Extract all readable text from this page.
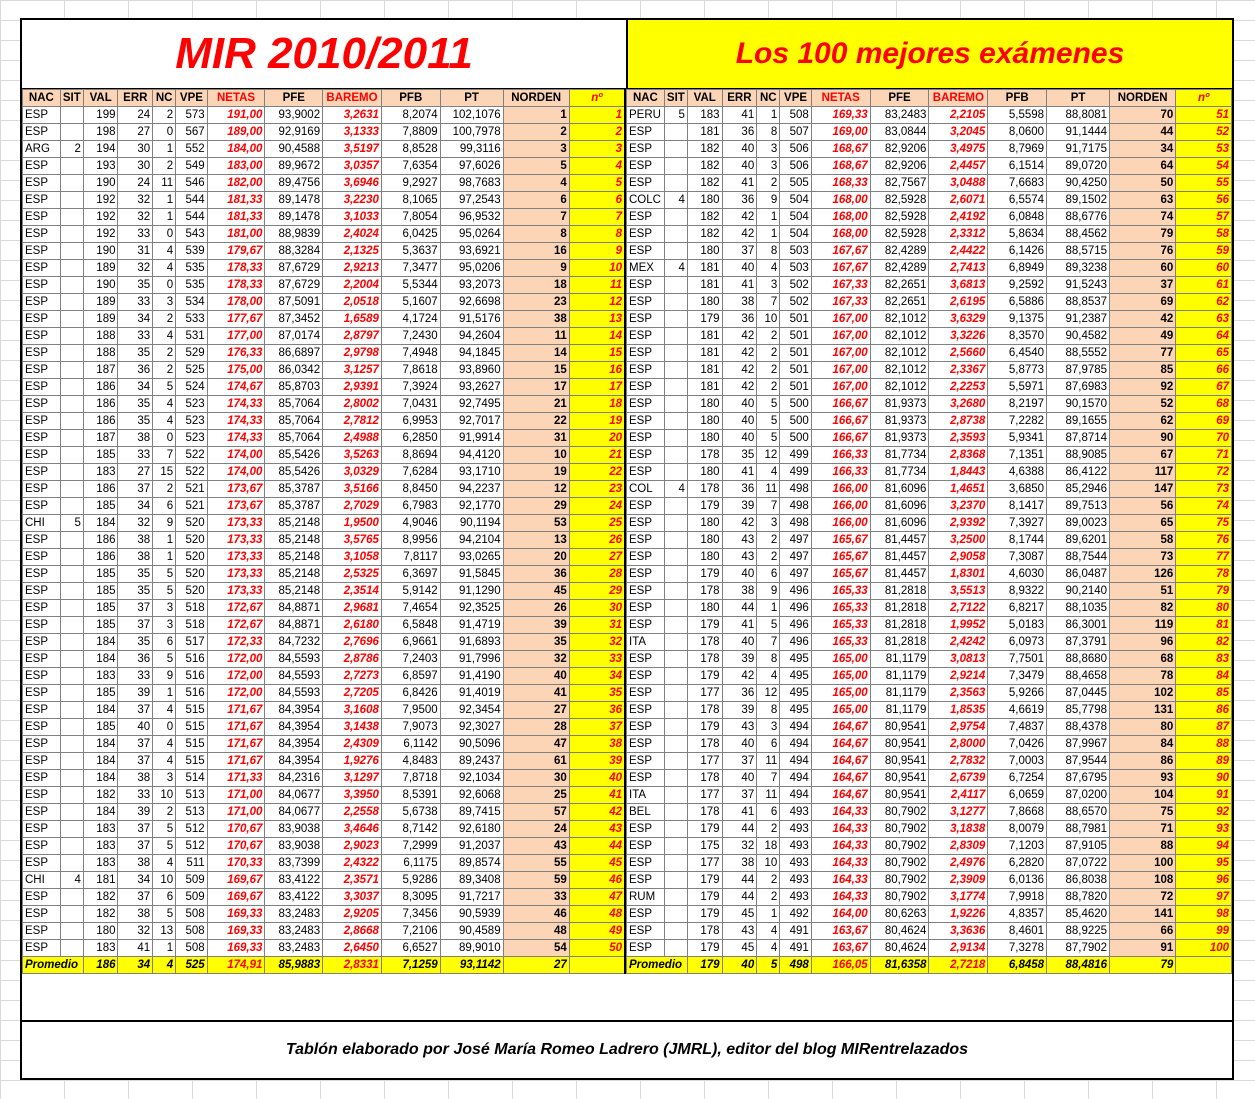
MIR 2010/2011	Los 100 mejores exámenes
NAC	SIT	VAL	ERR	NC	VPE	NETAS	PFE	BAREMO	PFB	PT	NORDEN	nº
ESP		199	24	2	573	191,00	93,9002	3,2631	8,2074	102,1076	1	1
ESP		198	27	0	567	189,00	92,9169	3,1333	7,8809	100,7978	2	2
ARG	2	194	30	1	552	184,00	90,4588	3,5197	8,8528	99,3116	3	3
ESP		193	30	2	549	183,00	89,9672	3,0357	7,6354	97,6026	5	4
ESP		190	24	11	546	182,00	89,4756	3,6946	9,2927	98,7683	4	5
ESP		192	32	1	544	181,33	89,1478	3,2230	8,1065	97,2543	6	6
ESP		192	32	1	544	181,33	89,1478	3,1033	7,8054	96,9532	7	7
ESP		192	33	0	543	181,00	88,9839	2,4024	6,0425	95,0264	8	8
ESP		190	31	4	539	179,67	88,3284	2,1325	5,3637	93,6921	16	9
ESP		189	32	4	535	178,33	87,6729	2,9213	7,3477	95,0206	9	10
ESP		190	35	0	535	178,33	87,6729	2,2004	5,5344	93,2073	18	11
ESP		189	33	3	534	178,00	87,5091	2,0518	5,1607	92,6698	23	12
ESP		189	34	2	533	177,67	87,3452	1,6589	4,1724	91,5176	38	13
ESP		188	33	4	531	177,00	87,0174	2,8797	7,2430	94,2604	11	14
ESP		188	35	2	529	176,33	86,6897	2,9798	7,4948	94,1845	14	15
ESP		187	36	2	525	175,00	86,0342	3,1257	7,8618	93,8960	15	16
ESP		186	34	5	524	174,67	85,8703	2,9391	7,3924	93,2627	17	17
ESP		186	35	4	523	174,33	85,7064	2,8002	7,0431	92,7495	21	18
ESP		186	35	4	523	174,33	85,7064	2,7812	6,9953	92,7017	22	19
ESP		187	38	0	523	174,33	85,7064	2,4988	6,2850	91,9914	31	20
ESP		185	33	7	522	174,00	85,5426	3,5263	8,8694	94,4120	10	21
ESP		183	27	15	522	174,00	85,5426	3,0329	7,6284	93,1710	19	22
ESP		186	37	2	521	173,67	85,3787	3,5166	8,8450	94,2237	12	23
ESP		185	34	6	521	173,67	85,3787	2,7029	6,7983	92,1770	29	24
CHI	5	184	32	9	520	173,33	85,2148	1,9500	4,9046	90,1194	53	25
ESP		186	38	1	520	173,33	85,2148	3,5765	8,9956	94,2104	13	26
ESP		186	38	1	520	173,33	85,2148	3,1058	7,8117	93,0265	20	27
ESP		185	35	5	520	173,33	85,2148	2,5325	6,3697	91,5845	36	28
ESP		185	35	5	520	173,33	85,2148	2,3514	5,9142	91,1290	45	29
ESP		185	37	3	518	172,67	84,8871	2,9681	7,4654	92,3525	26	30
ESP		185	37	3	518	172,67	84,8871	2,6180	6,5848	91,4719	39	31
ESP		184	35	6	517	172,33	84,7232	2,7696	6,9661	91,6893	35	32
ESP		184	36	5	516	172,00	84,5593	2,8786	7,2403	91,7996	32	33
ESP		183	33	9	516	172,00	84,5593	2,7273	6,8597	91,4190	40	34
ESP		185	39	1	516	172,00	84,5593	2,7205	6,8426	91,4019	41	35
ESP		184	37	4	515	171,67	84,3954	3,1608	7,9500	92,3454	27	36
ESP		185	40	0	515	171,67	84,3954	3,1438	7,9073	92,3027	28	37
ESP		184	37	4	515	171,67	84,3954	2,4309	6,1142	90,5096	47	38
ESP		184	37	4	515	171,67	84,3954	1,9276	4,8483	89,2437	61	39
ESP		184	38	3	514	171,33	84,2316	3,1297	7,8718	92,1034	30	40
ESP		182	33	10	513	171,00	84,0677	3,3950	8,5391	92,6068	25	41
ESP		184	39	2	513	171,00	84,0677	2,2558	5,6738	89,7415	57	42
ESP		183	37	5	512	170,67	83,9038	3,4646	8,7142	92,6180	24	43
ESP		183	37	5	512	170,67	83,9038	2,9023	7,2999	91,2037	43	44
ESP		183	38	4	511	170,33	83,7399	2,4322	6,1175	89,8574	55	45
CHI	4	181	34	10	509	169,67	83,4122	2,3571	5,9286	89,3408	59	46
ESP		182	37	6	509	169,67	83,4122	3,3037	8,3095	91,7217	33	47
ESP		182	38	5	508	169,33	83,2483	2,9205	7,3456	90,5939	46	48
ESP		180	32	13	508	169,33	83,2483	2,8668	7,2106	90,4589	48	49
ESP		183	41	1	508	169,33	83,2483	2,6450	6,6527	89,9010	54	50
Promedio		186	34	4	525	174,91	85,9883	2,8331	7,1259	93,1142	27	
NAC	SIT	VAL	ERR	NC	VPE	NETAS	PFE	BAREMO	PFB	PT	NORDEN	nº
PERU	5	183	41	1	508	169,33	83,2483	2,2105	5,5598	88,8081	70	51
ESP		181	36	8	507	169,00	83,0844	3,2045	8,0600	91,1444	44	52
ESP		182	40	3	506	168,67	82,9206	3,4975	8,7969	91,7175	34	53
ESP		182	40	3	506	168,67	82,9206	2,4457	6,1514	89,0720	64	54
ESP		182	41	2	505	168,33	82,7567	3,0488	7,6683	90,4250	50	55
COLC	4	180	36	9	504	168,00	82,5928	2,6071	6,5574	89,1502	63	56
ESP		182	42	1	504	168,00	82,5928	2,4192	6,0848	88,6776	74	57
ESP		182	42	1	504	168,00	82,5928	2,3312	5,8634	88,4562	79	58
ESP		180	37	8	503	167,67	82,4289	2,4422	6,1426	88,5715	76	59
MEX	4	181	40	4	503	167,67	82,4289	2,7413	6,8949	89,3238	60	60
ESP		181	41	3	502	167,33	82,2651	3,6813	9,2592	91,5243	37	61
ESP		180	38	7	502	167,33	82,2651	2,6195	6,5886	88,8537	69	62
ESP		179	36	10	501	167,00	82,1012	3,6329	9,1375	91,2387	42	63
ESP		181	42	2	501	167,00	82,1012	3,3226	8,3570	90,4582	49	64
ESP		181	42	2	501	167,00	82,1012	2,5660	6,4540	88,5552	77	65
ESP		181	42	2	501	167,00	82,1012	2,3367	5,8773	87,9785	85	66
ESP		181	42	2	501	167,00	82,1012	2,2253	5,5971	87,6983	92	67
ESP		180	40	5	500	166,67	81,9373	3,2680	8,2197	90,1570	52	68
ESP		180	40	5	500	166,67	81,9373	2,8738	7,2282	89,1655	62	69
ESP		180	40	5	500	166,67	81,9373	2,3593	5,9341	87,8714	90	70
ESP		178	35	12	499	166,33	81,7734	2,8368	7,1351	88,9085	67	71
ESP		180	41	4	499	166,33	81,7734	1,8443	4,6388	86,4122	117	72
COL	4	178	36	11	498	166,00	81,6096	1,4651	3,6850	85,2946	147	73
ESP		179	39	7	498	166,00	81,6096	3,2370	8,1417	89,7513	56	74
ESP		180	42	3	498	166,00	81,6096	2,9392	7,3927	89,0023	65	75
ESP		180	43	2	497	165,67	81,4457	3,2500	8,1744	89,6201	58	76
ESP		180	43	2	497	165,67	81,4457	2,9058	7,3087	88,7544	73	77
ESP		179	40	6	497	165,67	81,4457	1,8301	4,6030	86,0487	126	78
ESP		178	38	9	496	165,33	81,2818	3,5513	8,9322	90,2140	51	79
ESP		180	44	1	496	165,33	81,2818	2,7122	6,8217	88,1035	82	80
ESP		179	41	5	496	165,33	81,2818	1,9952	5,0183	86,3001	119	81
ITA		178	40	7	496	165,33	81,2818	2,4242	6,0973	87,3791	96	82
ESP		178	39	8	495	165,00	81,1179	3,0813	7,7501	88,8680	68	83
ESP		179	42	4	495	165,00	81,1179	2,9214	7,3479	88,4658	78	84
ESP		177	36	12	495	165,00	81,1179	2,3563	5,9266	87,0445	102	85
ESP		178	39	8	495	165,00	81,1179	1,8535	4,6619	85,7798	131	86
ESP		179	43	3	494	164,67	80,9541	2,9754	7,4837	88,4378	80	87
ESP		178	40	6	494	164,67	80,9541	2,8000	7,0426	87,9967	84	88
ESP		177	37	11	494	164,67	80,9541	2,7832	7,0003	87,9544	86	89
ESP		178	40	7	494	164,67	80,9541	2,6739	6,7254	87,6795	93	90
ITA		177	37	11	494	164,67	80,9541	2,4117	6,0659	87,0200	104	91
BEL		178	41	6	493	164,33	80,7902	3,1277	7,8668	88,6570	75	92
ESP		179	44	2	493	164,33	80,7902	3,1838	8,0079	88,7981	71	93
ESP		175	32	18	493	164,33	80,7902	2,8309	7,1203	87,9105	88	94
ESP		177	38	10	493	164,33	80,7902	2,4976	6,2820	87,0722	100	95
ESP		179	44	2	493	164,33	80,7902	2,3909	6,0136	86,8038	108	96
RUM		179	44	2	493	164,33	80,7902	3,1774	7,9918	88,7820	72	97
ESP		179	45	1	492	164,00	80,6263	1,9226	4,8357	85,4620	141	98
ESP		178	43	4	491	163,67	80,4624	3,3636	8,4601	88,9225	66	99
ESP		179	45	4	491	163,67	80,4624	2,9134	7,3278	87,7902	91	100
Promedio		179	40	5	498	166,05	81,6358	2,7218	6,8458	88,4816	79	
Tablón elaborado por José María Romeo Ladrero (JMRL), editor del blog MIRentrelazados
